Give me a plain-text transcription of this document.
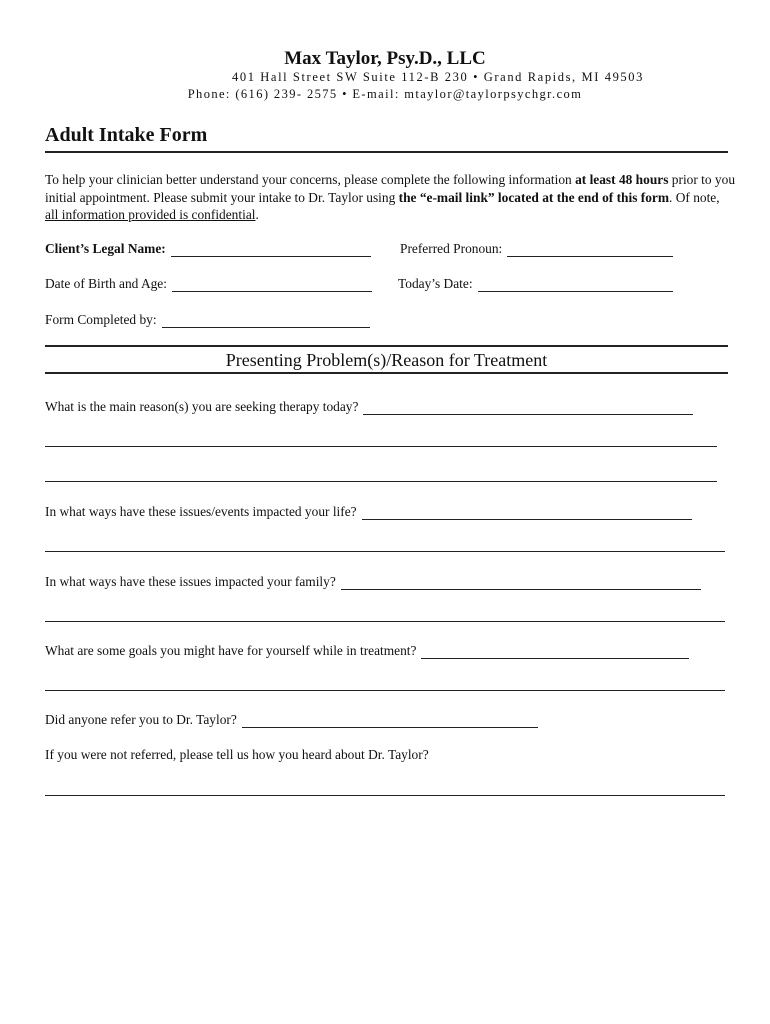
Max Taylor, Psy.D., LLC
401 Hall Street SW Suite 112-B 230 • Grand Rapids, MI 49503
Phone: (616) 239- 2575 • E-mail: mtaylor@taylorpsychgr.com
Adult Intake Form
To help your clinician better understand your concerns, please complete the following information at least 48 hours prior to you initial appointment. Please submit your intake to Dr. Taylor using the “e-mail link” located at the end of this form. Of note, all information provided is confidential.
Client’s Legal Name:	Preferred Pronoun:
Date of Birth and Age:	Today’s Date:
Form Completed by:
Presenting Problem(s)/Reason for Treatment
What is the main reason(s) you are seeking therapy today?
In what ways have these issues/events impacted your life?
In what ways have these issues impacted your family?
What are some goals you might have for yourself while in treatment?
Did anyone refer you to Dr. Taylor?
If you were not referred, please tell us how you heard about Dr. Taylor?
